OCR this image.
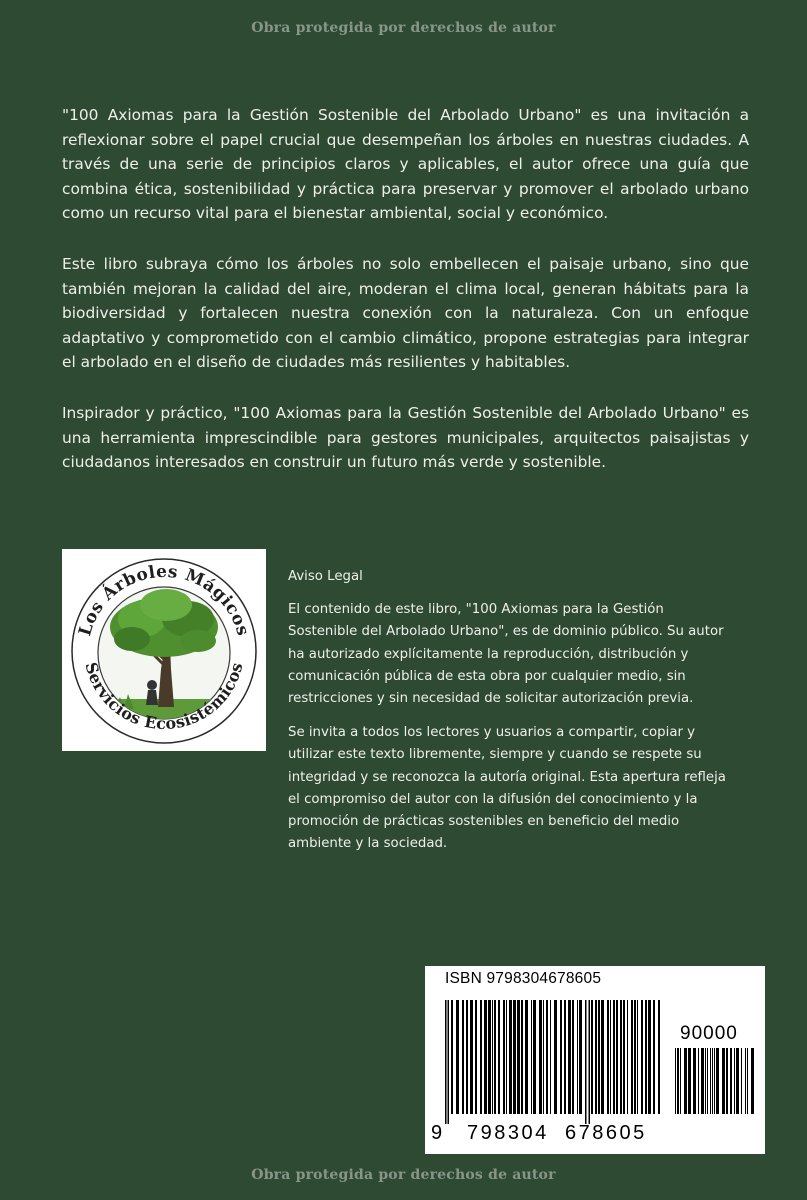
Obra protegida por derechos de autor

"100 Axiomas para la Gestión Sostenible del Arbolado Urbano" es una invitación a reflexionar sobre el papel crucial que desempeñan los árboles en nuestras ciudades. A través de una serie de principios claros y aplicables, el autor ofrece una guía que combina ética, sostenibilidad y práctica para preservar y promover el arbolado urbano como un recurso vital para el bienestar ambiental, social y económico.

Este libro subraya cómo los árboles no solo embellecen el paisaje urbano, sino que también mejoran la calidad del aire, moderan el clima local, generan hábitats para la biodiversidad y fortalecen nuestra conexión con la naturaleza. Con un enfoque adaptativo y comprometido con el cambio climático, propone estrategias para integrar el arbolado en el diseño de ciudades más resilientes y habitables.

Inspirador y práctico, "100 Axiomas para la Gestión Sostenible del Arbolado Urbano" es una herramienta imprescindible para gestores municipales, arquitectos paisajistas y ciudadanos interesados en construir un futuro más verde y sostenible.

Los Árboles Mágicos
Servicios Ecosistémicos

Aviso Legal

El contenido de este libro, "100 Axiomas para la Gestión Sostenible del Arbolado Urbano", es de dominio público. Su autor ha autorizado explícitamente la reproducción, distribución y comunicación pública de esta obra por cualquier medio, sin restricciones y sin necesidad de solicitar autorización previa.

Se invita a todos los lectores y usuarios a compartir, copiar y utilizar este texto libremente, siempre y cuando se respete su integridad y se reconozca la autoría original. Esta apertura refleja el compromiso del autor con la difusión del conocimiento y la promoción de prácticas sostenibles en beneficio del medio ambiente y la sociedad.

ISBN 9798304678605
90000
9 798304 678605
Obra protegida por derechos de autor
